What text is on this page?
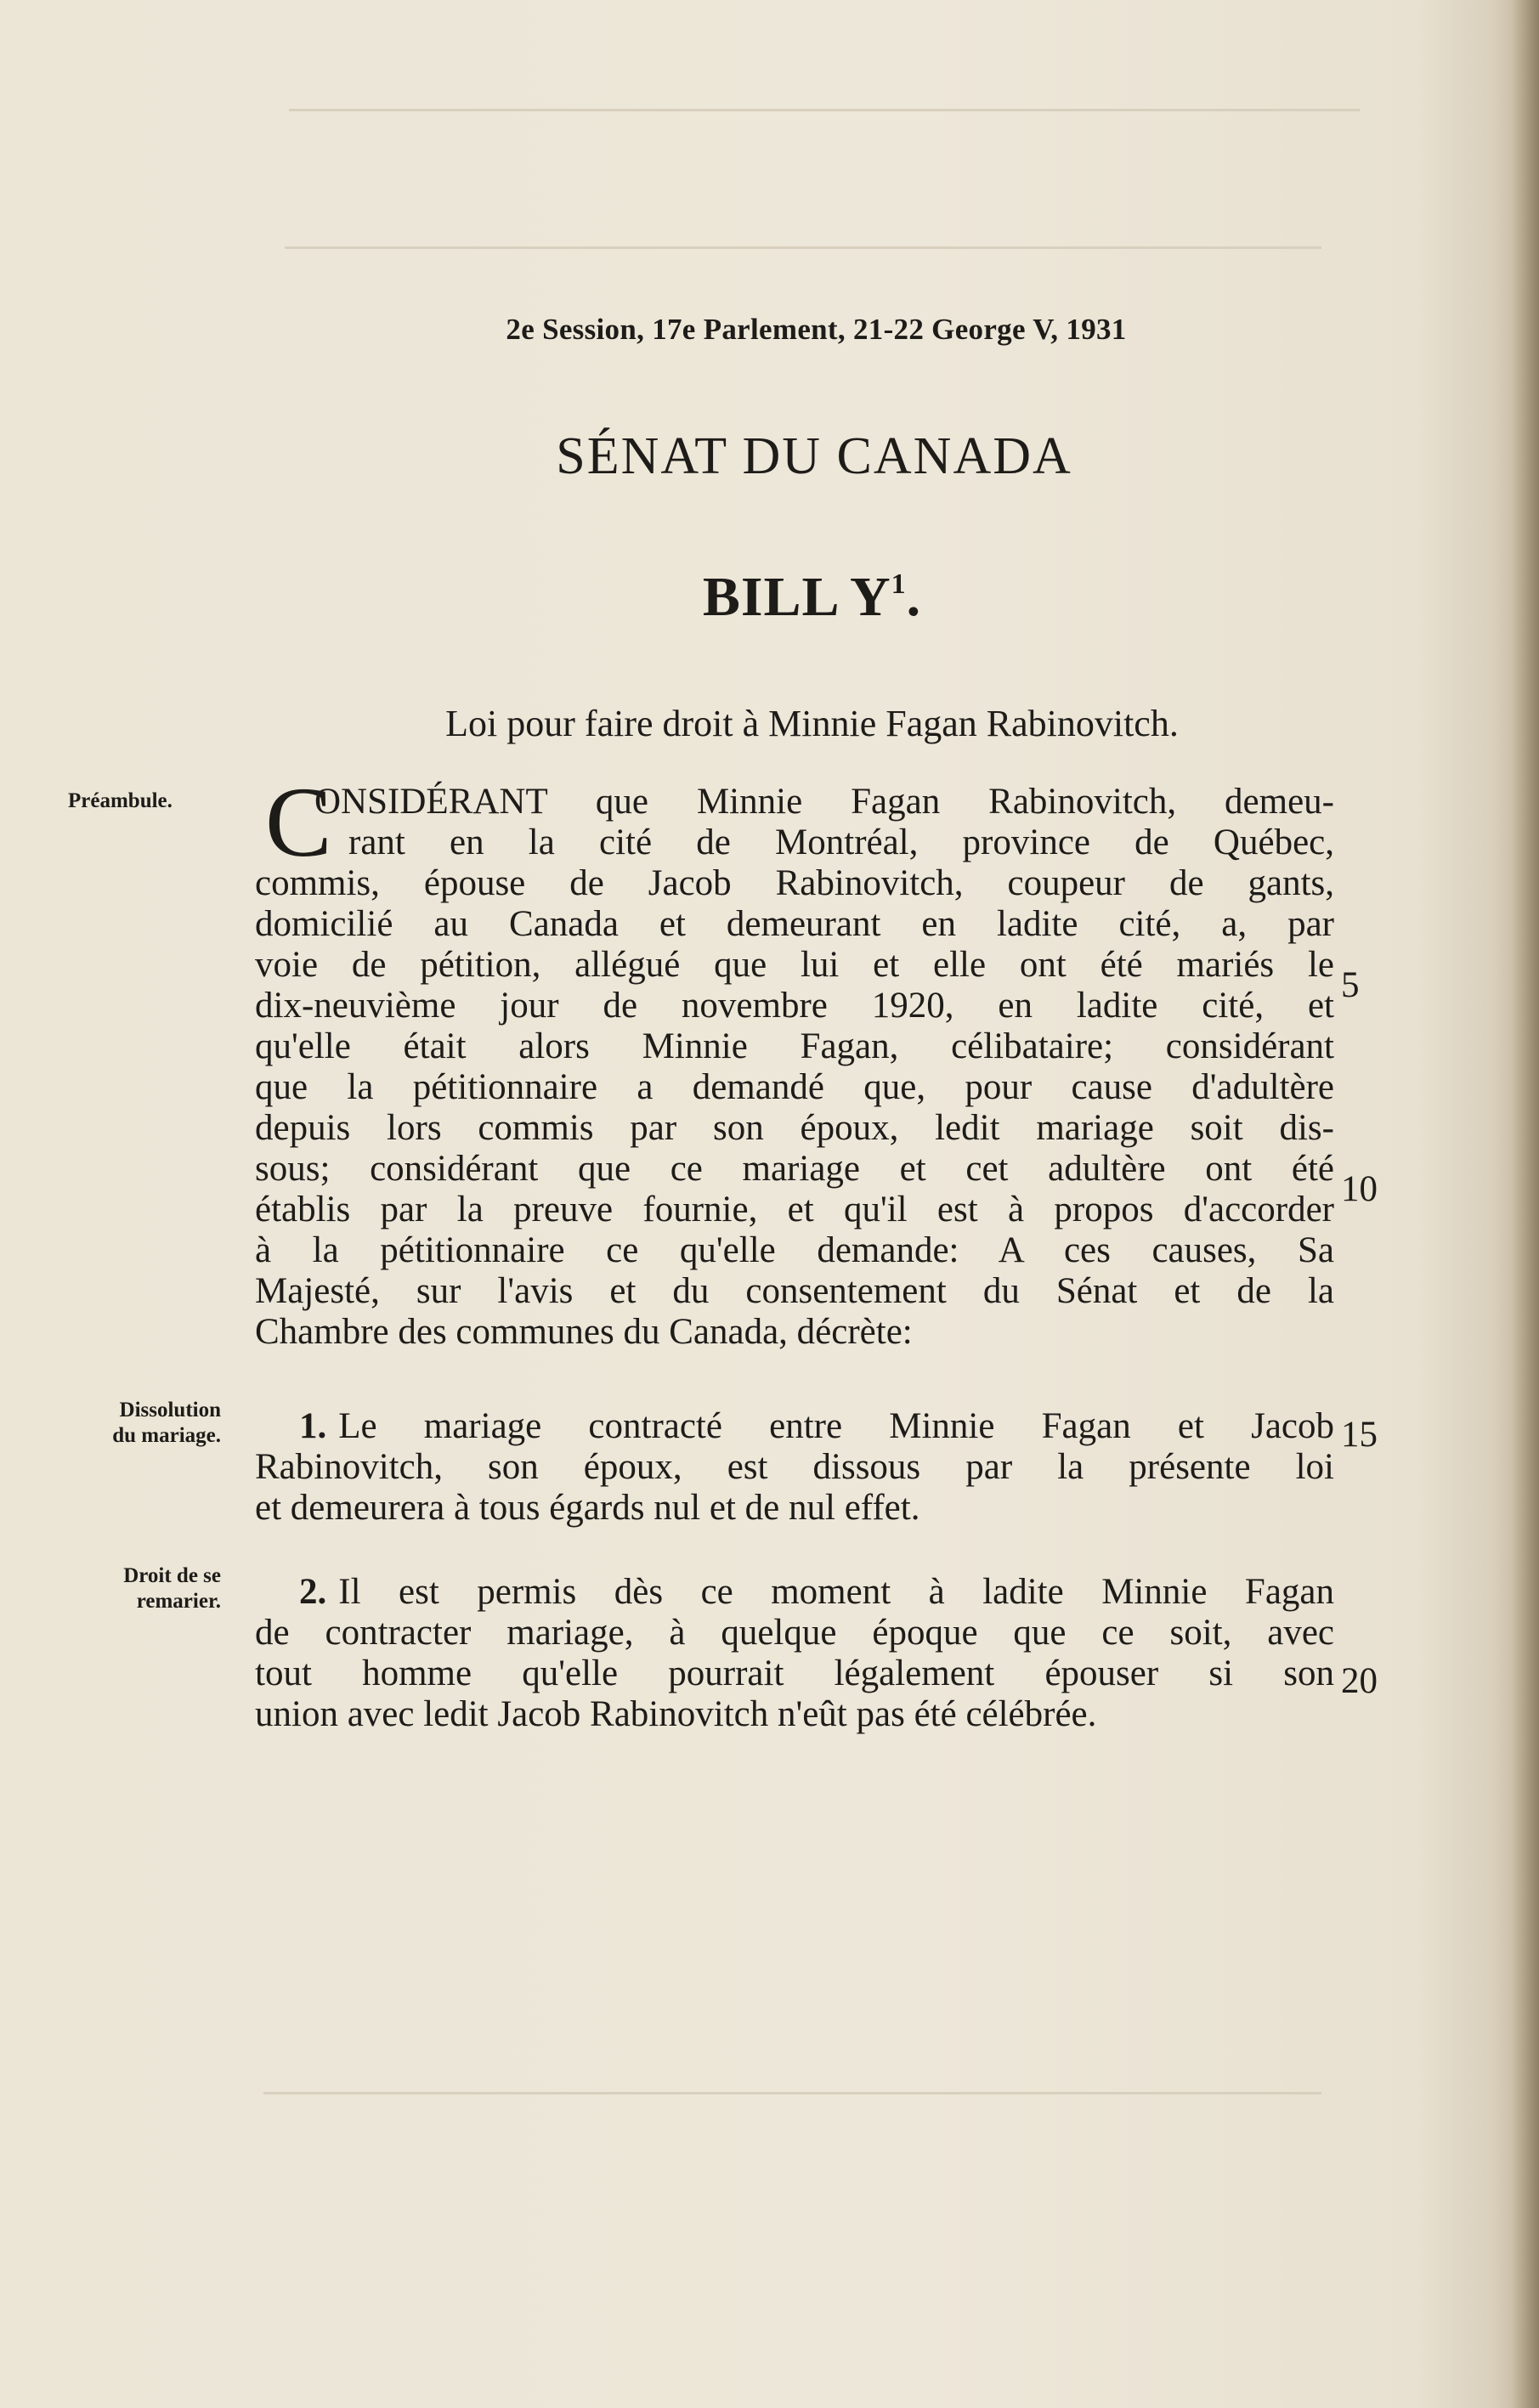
2e Session, 17e Parlement, 21-22 George V, 1931
SÉNAT DU CANADA
BILL $Y^1$.
Loi pour faire droit à Minnie Fagan Rabinovitch.
Préambule.
Dissolution
du mariage.
Droit de se
remarier.
C
ONSIDÉRANT que Minnie Fagan Rabinovitch, demeu-
rant en la cité de Montréal, province de Québec,
commis, épouse de Jacob Rabinovitch, coupeur de gants,
domicilié au Canada et demeurant en ladite cité, a, par
voie de pétition, allégué que lui et elle ont été mariés le
dix-neuvième jour de novembre 1920, en ladite cité, et
qu'elle était alors Minnie Fagan, célibataire; considérant
que la pétitionnaire a demandé que, pour cause d'adultère
depuis lors commis par son époux, ledit mariage soit dis-
sous; considérant que ce mariage et cet adultère ont été
établis par la preuve fournie, et qu'il est à propos d'accorder
à la pétitionnaire ce qu'elle demande: A ces causes, Sa
Majesté, sur l'avis et du consentement du Sénat et de la
Chambre des communes du Canada, décrète:
1. Le mariage contracté entre Minnie Fagan et Jacob
Rabinovitch, son époux, est dissous par la présente loi
et demeurera à tous égards nul et de nul effet.
2. Il est permis dès ce moment à ladite Minnie Fagan
de contracter mariage, à quelque époque que ce soit, avec
tout homme qu'elle pourrait légalement épouser si son
union avec ledit Jacob Rabinovitch n'eût pas été célébrée.
5
10
15
20
